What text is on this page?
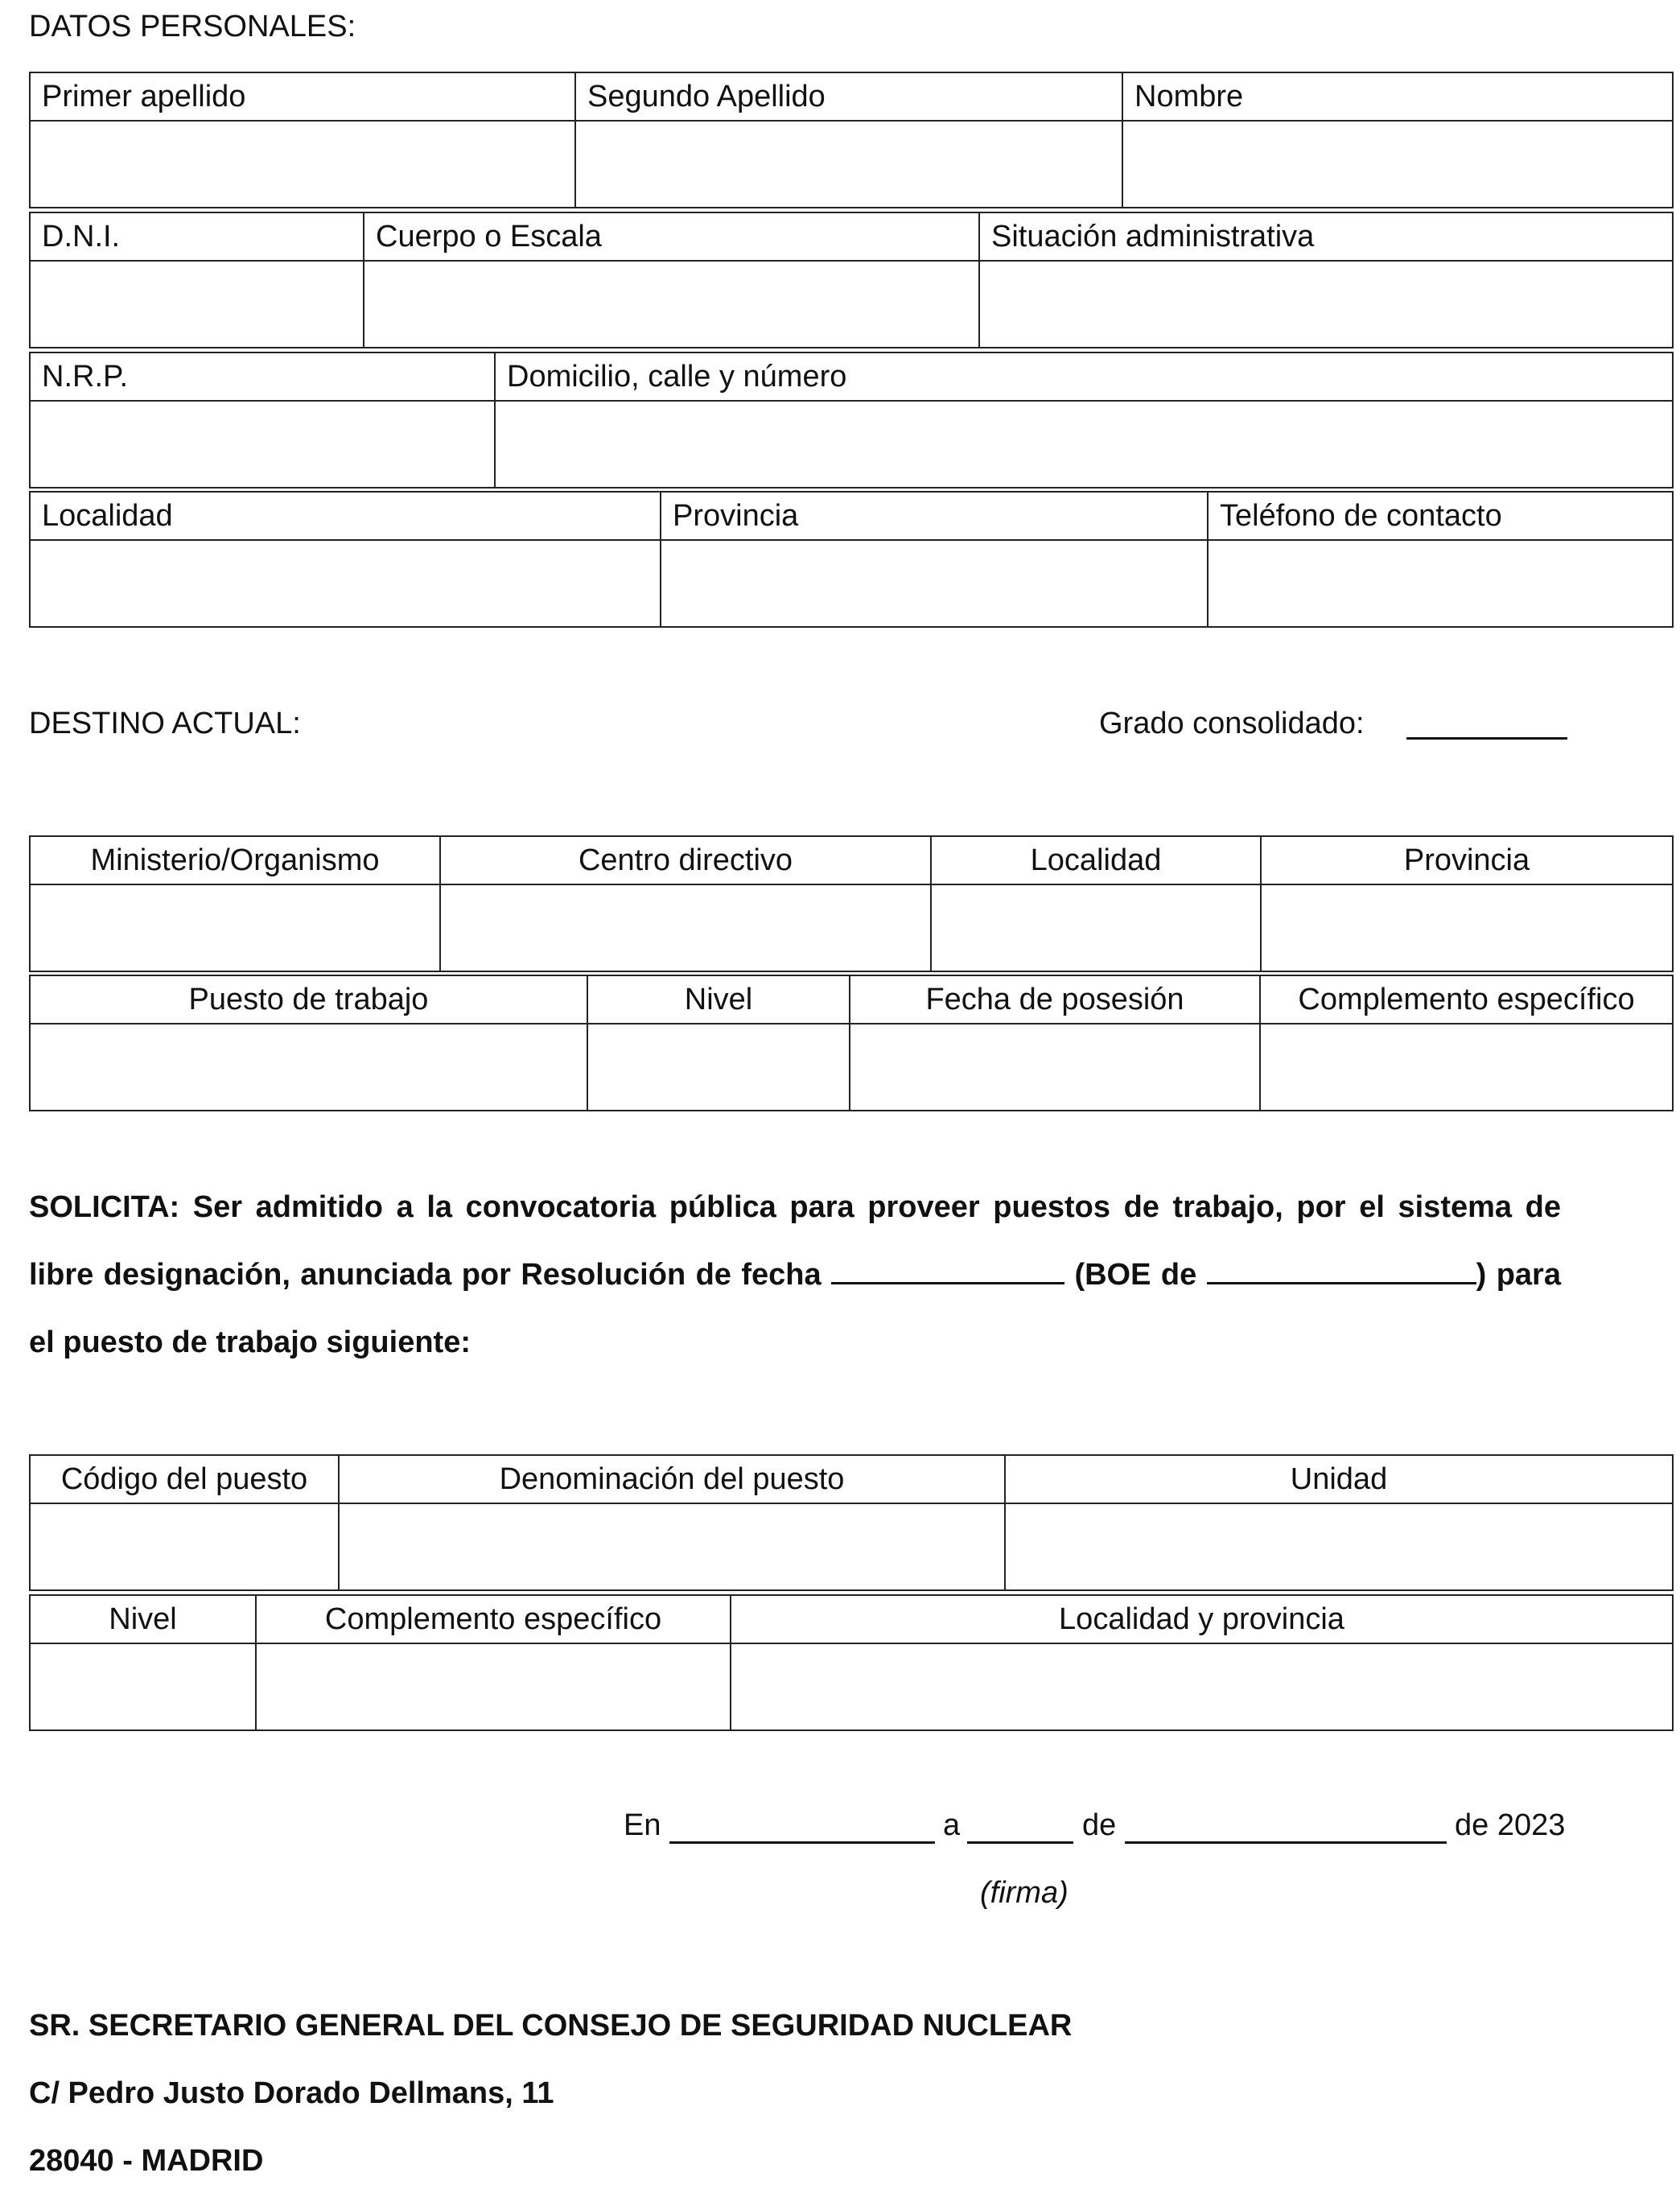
DATOS PERSONALES:
Primer apellido	Segundo Apellido	Nombre

D.N.I.	Cuerpo o Escala	Situación administrativa

N.R.P.	Domicilio, calle y número

Localidad	Provincia	Teléfono de contacto

DESTINO ACTUAL:	Grado consolidado:
Ministerio/Organismo	Centro directivo	Localidad	Provincia

Puesto de trabajo	Nivel	Fecha de posesión	Complemento específico

SOLICITA: Ser admitido a la convocatoria pública para proveer puestos de trabajo, por el sistema de libre designación, anunciada por Resolución de fecha	(BOE de	) para el puesto de trabajo siguiente:
Código del puesto	Denominación del puesto	Unidad

Nivel	Complemento específico	Localidad y provincia

En	a	de	de 2023
(firma)
SR. SECRETARIO GENERAL DEL CONSEJO DE SEGURIDAD NUCLEAR
C/ Pedro Justo Dorado Dellmans, 11
28040 - MADRID
